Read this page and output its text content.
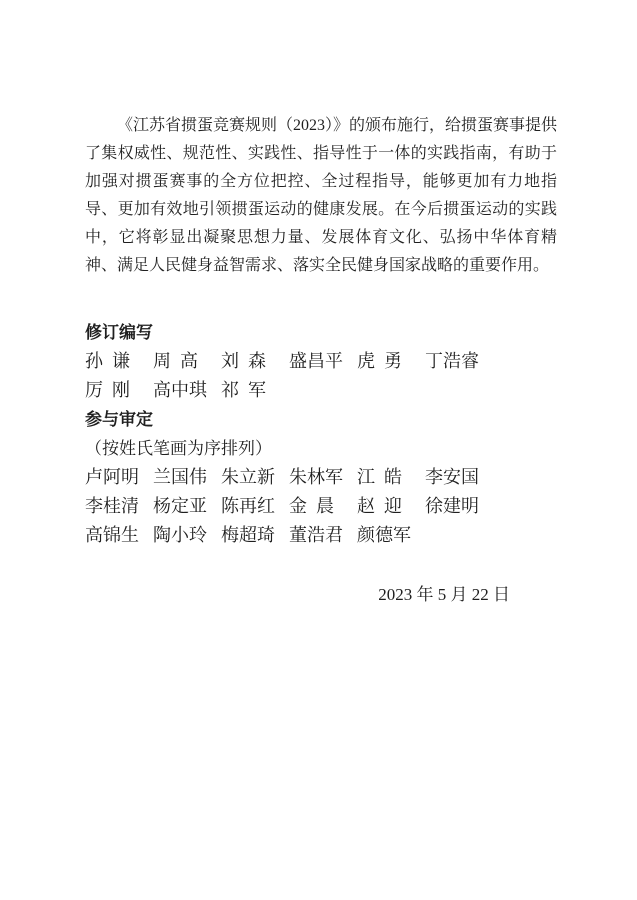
《江苏省掼蛋竞赛规则（2023）》的颁布施行，给掼蛋赛事提供了集权威性、规范性、实践性、指导性于一体的实践指南，有助于加强对掼蛋赛事的全方位把控、全过程指导，能够更加有力地指导、更加有效地引领掼蛋运动的健康发展。在今后掼蛋运动的实践中，它将彰显出凝聚思想力量、发展体育文化、弘扬中华体育精神、满足人民健身益智需求、落实全民健身国家战略的重要作用。

修订编写
孙  谦	周  高	刘  森	盛昌平 虎  勇	丁浩睿
厉  刚	高中琪 祁  军
参与审定
（按姓氏笔画为序排列）
卢阿明 兰国伟 朱立新 朱林军 江  皓	李安国
李桂清 杨定亚 陈再红 金  晨	赵  迎	徐建明
高锦生 陶小玲 梅超琦 董浩君 颜德军
2023 年 5 月 22 日
